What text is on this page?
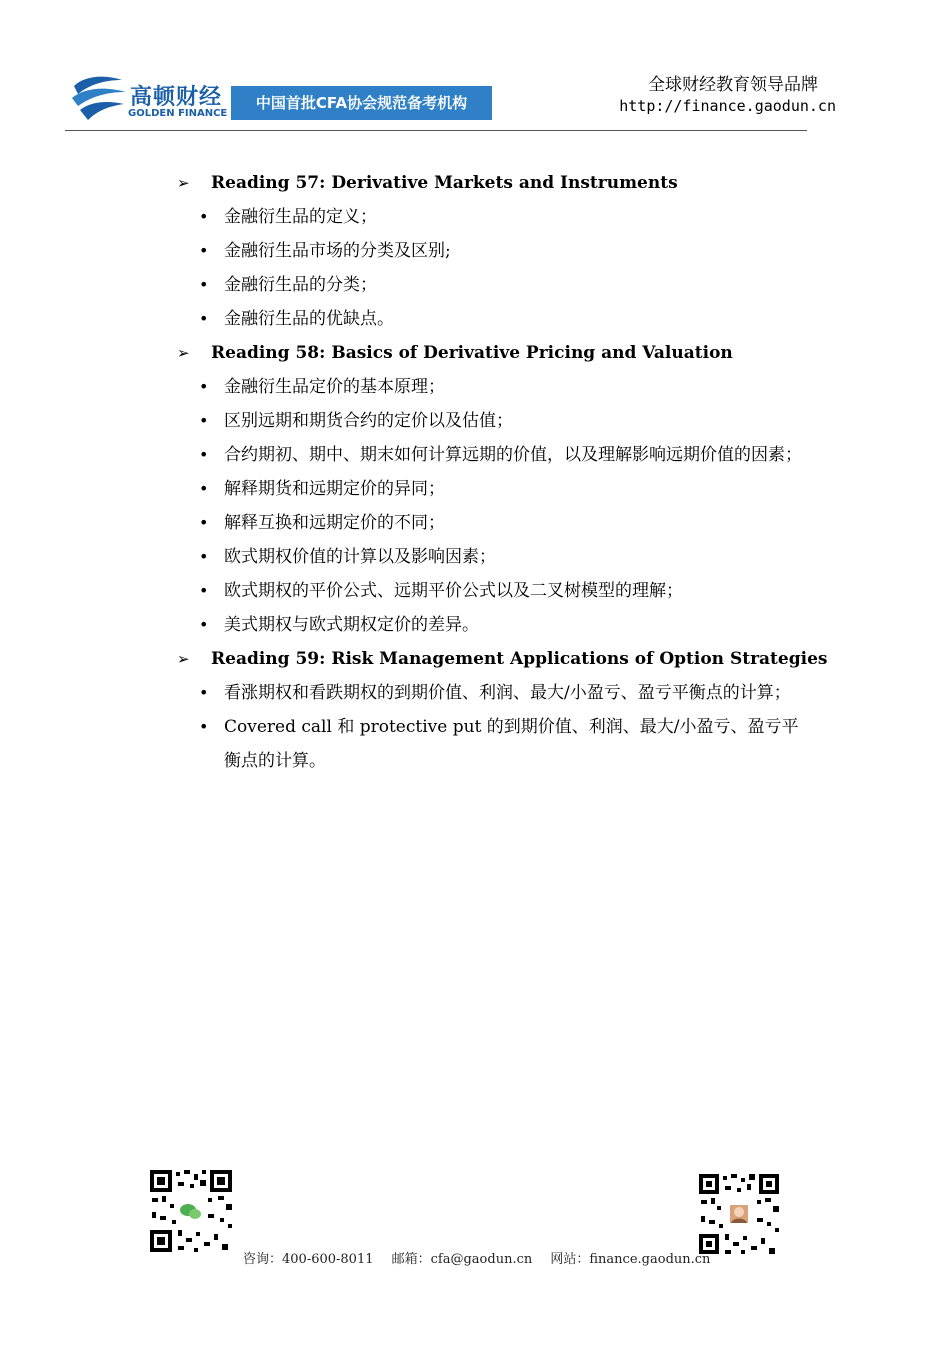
高顿财经
GOLDEN FINANCE
中国首批CFA协会规范备考机构
全球财经教育领导品牌
http://finance.gaodun.cn
➢ Reading 57: Derivative Markets and Instruments
• 金融衍生品的定义；
• 金融衍生品市场的分类及区别;
• 金融衍生品的分类；
• 金融衍生品的优缺点。
➢ Reading 58: Basics of Derivative Pricing and Valuation
• 金融衍生品定价的基本原理；
• 区别远期和期货合约的定价以及估值；
• 合约期初、期中、期末如何计算远期的价值，以及理解影响远期价值的因素；
• 解释期货和远期定价的异同；
• 解释互换和远期定价的不同；
• 欧式期权价值的计算以及影响因素；
• 欧式期权的平价公式、远期平价公式以及二叉树模型的理解；
• 美式期权与欧式期权定价的差异。
➢ Reading 59: Risk Management Applications of Option Strategies
• 看涨期权和看跌期权的到期价值、利润、最大/小盈亏、盈亏平衡点的计算；
• Covered call 和 protective put 的到期价值、利润、最大/小盈亏、盈亏平衡点的计算。
咨询：400-600-8011 邮箱：cfa@gaodun.cn 网站：finance.gaodun.cn
